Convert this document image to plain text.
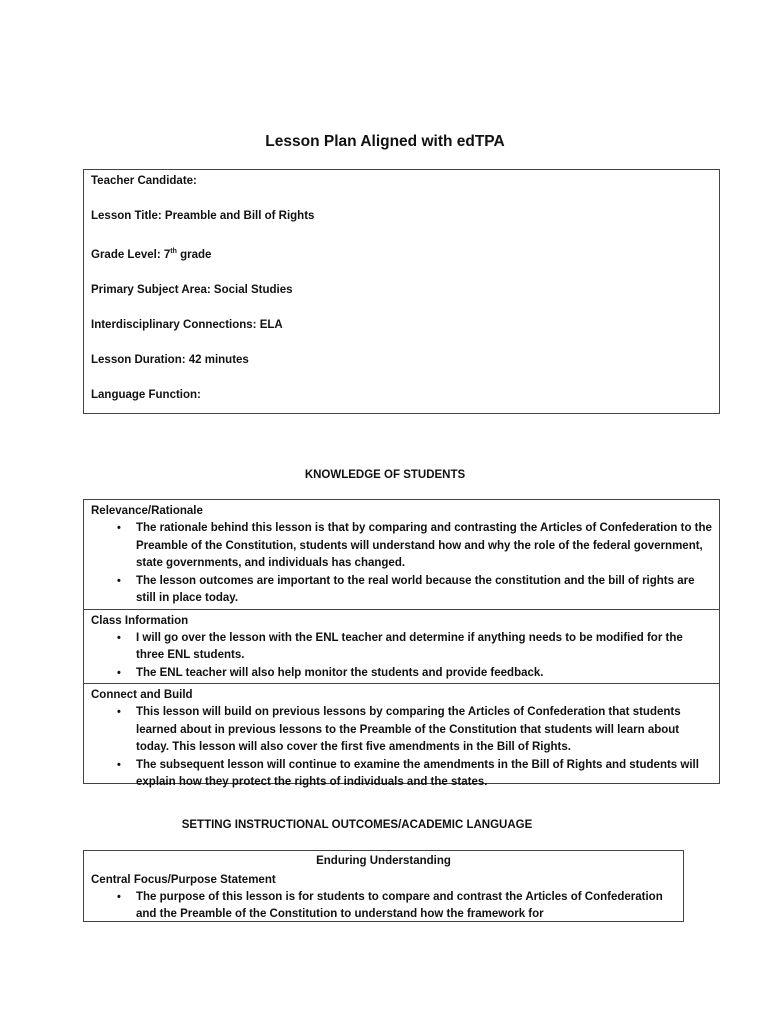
Lesson Plan Aligned with edTPA
Teacher Candidate:
Lesson Title: Preamble and Bill of Rights
Grade Level: 7th grade
Primary Subject Area: Social Studies
Interdisciplinary Connections: ELA
Lesson Duration: 42 minutes
Language Function:
KNOWLEDGE OF STUDENTS
Relevance/Rationale
• The rationale behind this lesson is that by comparing and contrasting the Articles of Confederation to the Preamble of the Constitution, students will understand how and why the role of the federal government, state governments, and individuals has changed.
• The lesson outcomes are important to the real world because the constitution and the bill of rights are still in place today.
Class Information
• I will go over the lesson with the ENL teacher and determine if anything needs to be modified for the three ENL students.
• The ENL teacher will also help monitor the students and provide feedback.
Connect and Build
• This lesson will build on previous lessons by comparing the Articles of Confederation that students learned about in previous lessons to the Preamble of the Constitution that students will learn about today. This lesson will also cover the first five amendments in the Bill of Rights.
• The subsequent lesson will continue to examine the amendments in the Bill of Rights and students will explain how they protect the rights of individuals and the states.
SETTING INSTRUCTIONAL OUTCOMES/ACADEMIC LANGUAGE
Enduring Understanding
Central Focus/Purpose Statement
• The purpose of this lesson is for students to compare and contrast the Articles of Confederation and the Preamble of the Constitution to understand how the framework for
